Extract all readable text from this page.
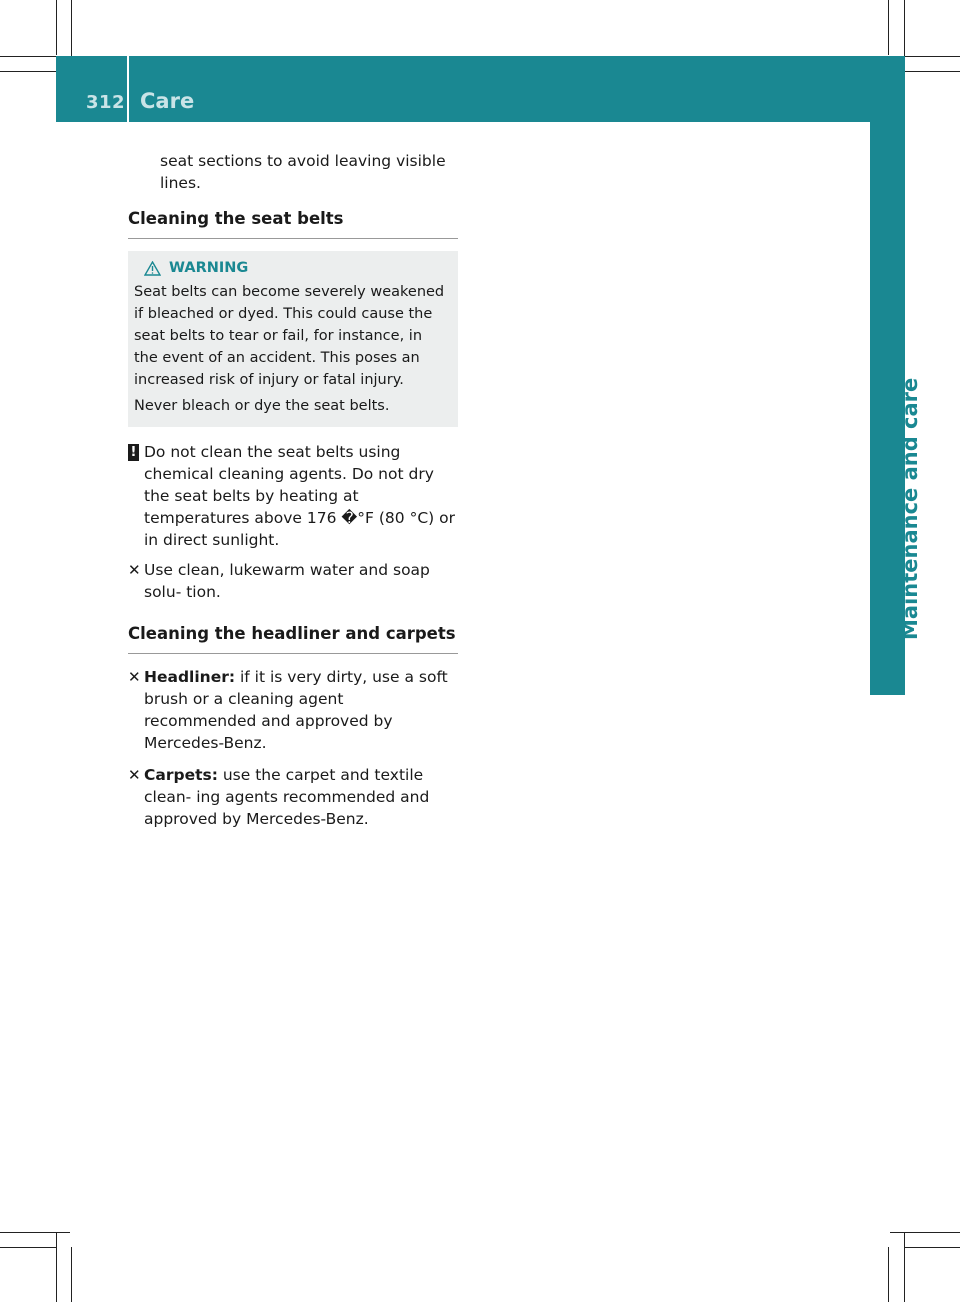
312 Care
Maintenance and care

seat sections to avoid leaving visible lines.

Cleaning the seat belts
WARNING

Seat belts can become severely weakened if bleached or dyed. This could cause the seat belts to tear or fail, for instance, in the event of an accident. This poses an increased risk of injury or fatal injury.

Never bleach or dye the seat belts.

! Do not clean the seat belts using chemical cleaning agents. Do not dry the seat belts by heating at temperatures above 176 �°F (80 °C) or in direct sunlight.
✕ Use clean, lukewarm water and soap solu- tion.
Cleaning the headliner and carpets
✕ Headliner: if it is very dirty, use a soft brush or a cleaning agent recommended and approved by Mercedes-Benz.
✕ Carpets: use the carpet and textile clean- ing agents recommended and approved by Mercedes-Benz.
